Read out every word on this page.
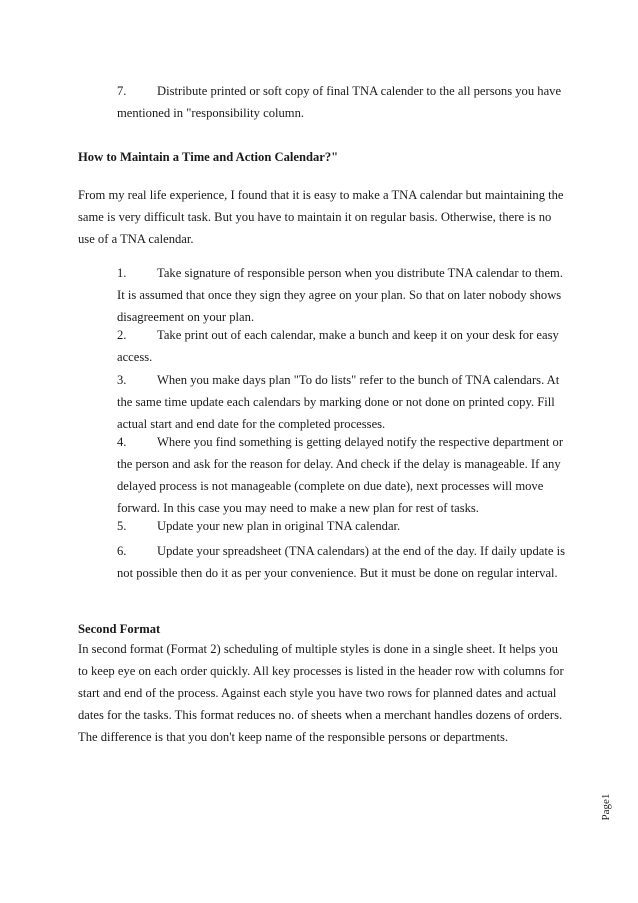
7. Distribute printed or soft copy of final TNA calender to the all persons you have mentioned in "responsibility column.
How to Maintain a Time and Action Calendar?"
From my real life experience, I found that it is easy to make a TNA calendar but maintaining the same is very difficult task. But you have to maintain it on regular basis. Otherwise, there is no use of a TNA calendar.
1. Take signature of responsible person when you distribute TNA calendar to them. It is assumed that once they sign they agree on your plan. So that on later nobody shows disagreement on your plan.
2. Take print out of each calendar, make a bunch and keep it on your desk for easy access.
3. When you make days plan "To do lists" refer to the bunch of TNA calendars. At the same time update each calendars by marking done or not done on printed copy. Fill actual start and end date for the completed processes.
4. Where you find something is getting delayed notify the respective department or the person and ask for the reason for delay. And check if the delay is manageable. If any delayed process is not manageable (complete on due date), next processes will move forward. In this case you may need to make a new plan for rest of tasks.
5. Update your new plan in original TNA calendar.
6. Update your spreadsheet (TNA calendars) at the end of the day. If daily update is not possible then do it as per your convenience. But it must be done on regular interval.
Second Format
In second format (Format 2) scheduling of multiple styles is done in a single sheet. It helps you to keep eye on each order quickly. All key processes is listed in the header row with columns for start and end of the process. Against each style you have two rows for planned dates and actual dates for the tasks. This format reduces no. of sheets when a merchant handles dozens of orders. The difference is that you don't keep name of the responsible persons or departments.
Page1
